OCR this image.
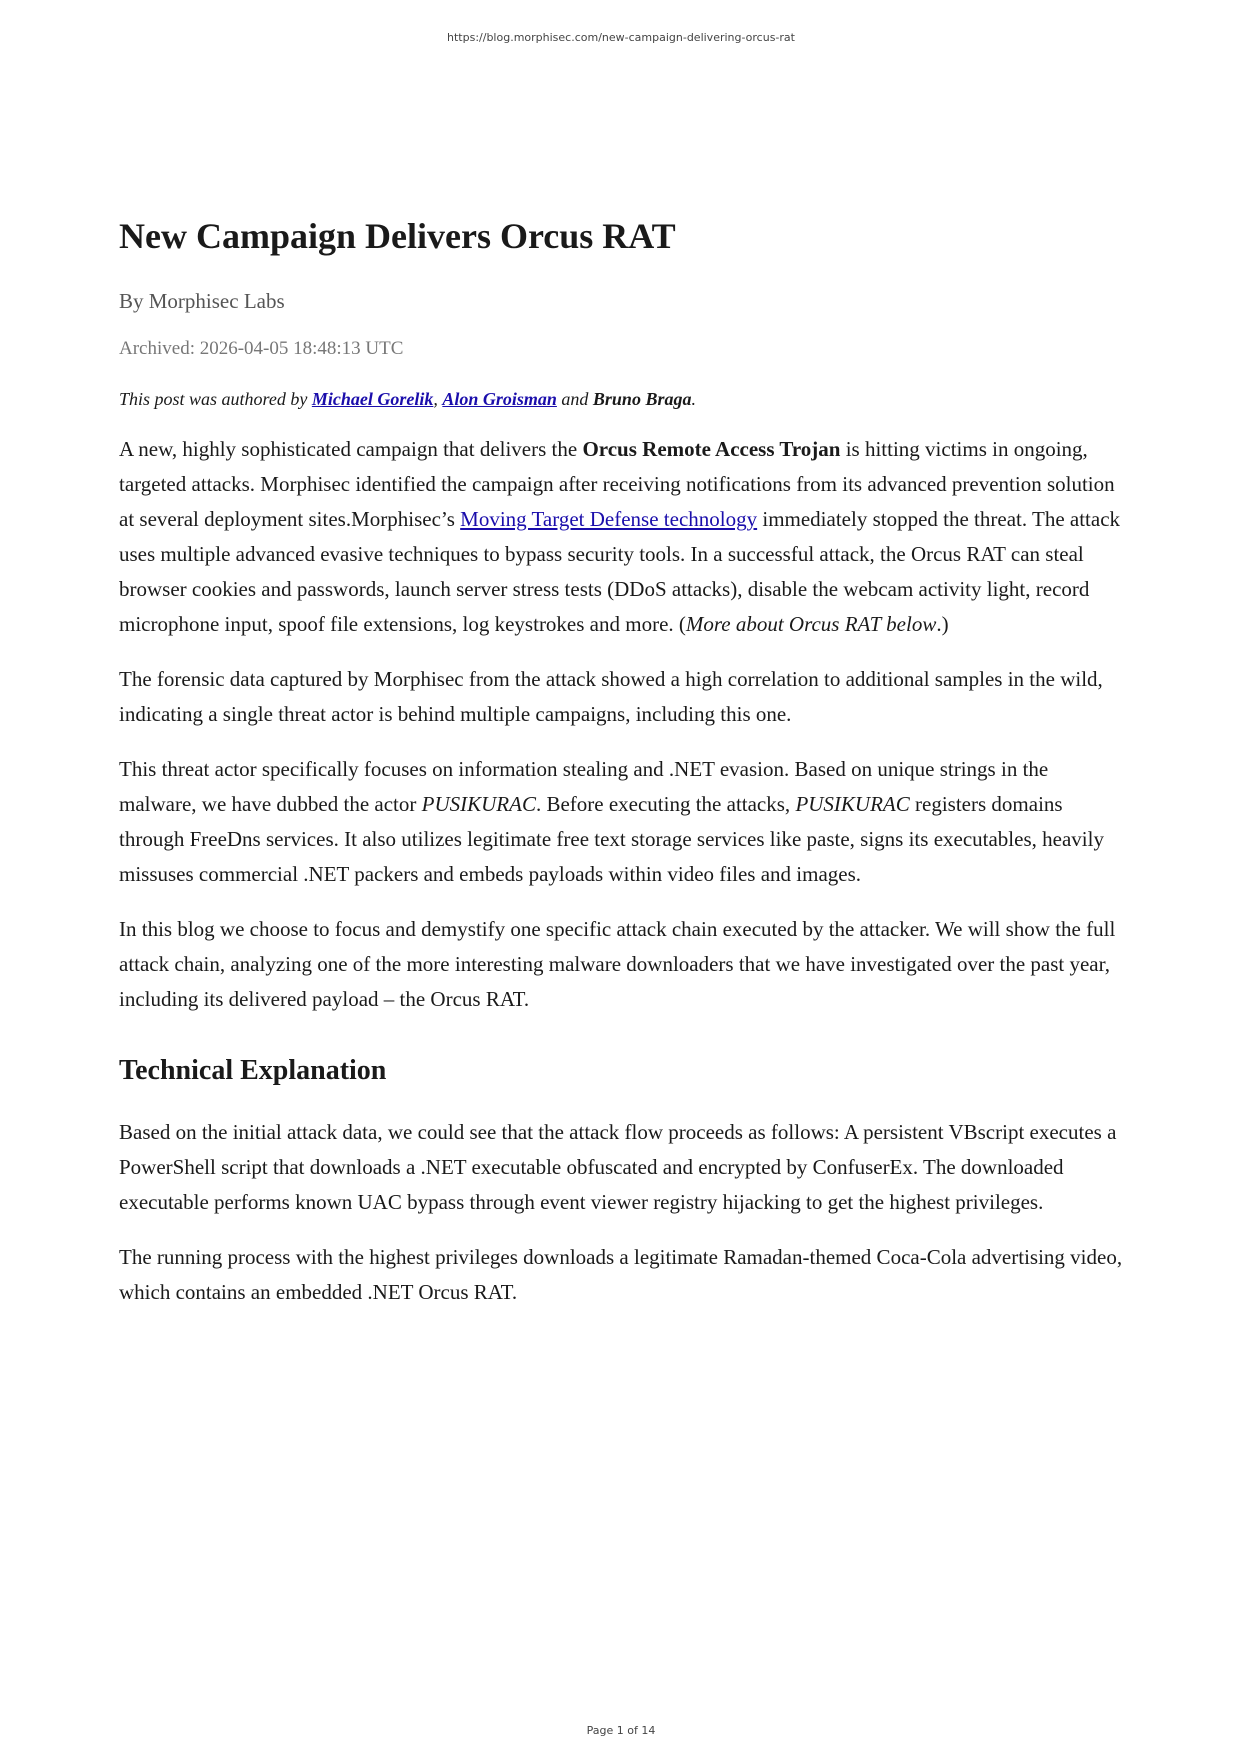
https://blog.morphisec.com/new-campaign-delivering-orcus-rat
New Campaign Delivers Orcus RAT
By Morphisec Labs
Archived: 2026-04-05 18:48:13 UTC
This post was authored by Michael Gorelik, Alon Groisman and Bruno Braga.

A new, highly sophisticated campaign that delivers the Orcus Remote Access Trojan is hitting victims in ongoing, targeted attacks. Morphisec identified the campaign after receiving notifications from its advanced prevention solution at several deployment sites.Morphisec’s Moving Target Defense technology immediately stopped the threat. The attack uses multiple advanced evasive techniques to bypass security tools. In a successful attack, the Orcus RAT can steal browser cookies and passwords, launch server stress tests (DDoS attacks), disable the webcam activity light, record microphone input, spoof file extensions, log keystrokes and more. (More about Orcus RAT below.)

The forensic data captured by Morphisec from the attack showed a high correlation to additional samples in the wild, indicating a single threat actor is behind multiple campaigns, including this one.

This threat actor specifically focuses on information stealing and .NET evasion. Based on unique strings in the malware, we have dubbed the actor PUSIKURAC. Before executing the attacks, PUSIKURAC registers domains through FreeDns services. It also utilizes legitimate free text storage services like paste, signs its executables, heavily missuses commercial .NET packers and embeds payloads within video files and images.

In this blog we choose to focus and demystify one specific attack chain executed by the attacker. We will show the full attack chain, analyzing one of the more interesting malware downloaders that we have investigated over the past year, including its delivered payload – the Orcus RAT.

Technical Explanation

Based on the initial attack data, we could see that the attack flow proceeds as follows: A persistent VBscript executes a PowerShell script that downloads a .NET executable obfuscated and encrypted by ConfuserEx. The downloaded executable performs known UAC bypass through event viewer registry hijacking to get the highest privileges.

The running process with the highest privileges downloads a legitimate Ramadan-themed Coca-Cola advertising video, which contains an embedded .NET Orcus RAT.

Page 1 of 14
